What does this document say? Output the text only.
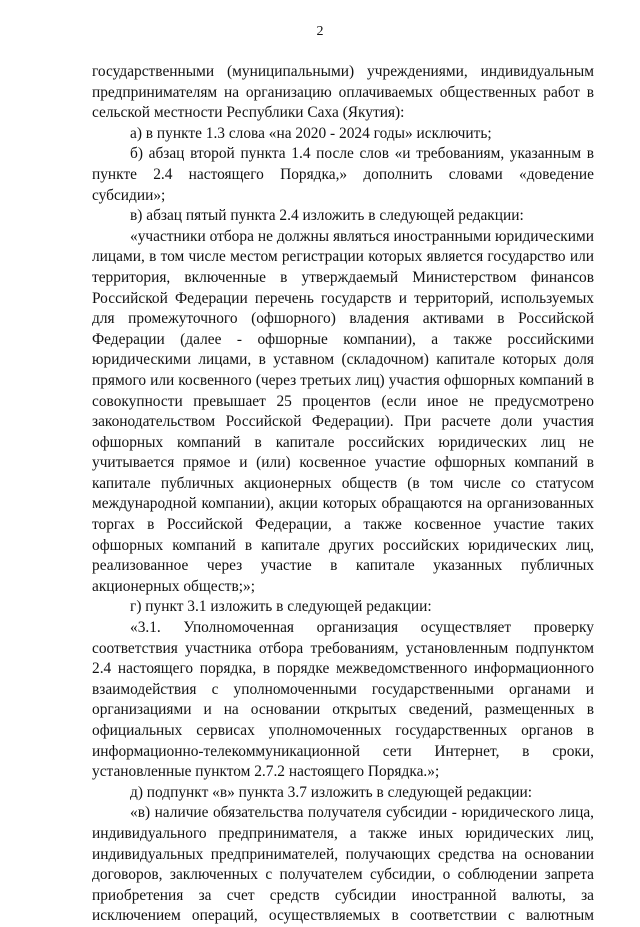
2

государственными (муниципальными) учреждениями, индивидуальным предпринимателям на организацию оплачиваемых общественных работ в сельской местности Республики Саха (Якутия):

а) в пункте 1.3 слова «на 2020 - 2024 годы» исключить;

б) абзац второй пункта 1.4 после слов «и требованиям, указанным в пункте 2.4 настоящего Порядка,» дополнить словами «доведение субсидии»;

в) абзац пятый пункта 2.4 изложить в следующей редакции:

«участники отбора не должны являться иностранными юридическими лицами, в том числе местом регистрации которых является государство или территория, включенные в утверждаемый Министерством финансов Российской Федерации перечень государств и территорий, используемых для промежуточного (офшорного) владения активами в Российской Федерации (далее - офшорные компании), а также российскими юридическими лицами, в уставном (складочном) капитале которых доля прямого или косвенного (через третьих лиц) участия офшорных компаний в совокупности превышает 25 процентов (если иное не предусмотрено законодательством Российской Федерации). При расчете доли участия офшорных компаний в капитале российских юридических лиц не учитывается прямое и (или) косвенное участие офшорных компаний в капитале публичных акционерных обществ (в том числе со статусом международной компании), акции которых обращаются на организованных торгах в Российской Федерации, а также косвенное участие таких офшорных компаний в капитале других российских юридических лиц, реализованное через участие в капитале указанных публичных акционерных обществ;»;

г) пункт 3.1 изложить в следующей редакции:

«3.1. Уполномоченная организация осуществляет проверку соответствия участника отбора требованиям, установленным подпунктом 2.4 настоящего порядка, в порядке межведомственного информационного взаимодействия с уполномоченными государственными органами и организациями и на основании открытых сведений, размещенных в официальных сервисах уполномоченных государственных органов в информационно-телекоммуникационной сети Интернет, в сроки, установленные пунктом 2.7.2 настоящего Порядка.»;

д) подпункт «в» пункта 3.7 изложить в следующей редакции:

«в) наличие обязательства получателя субсидии - юридического лица, индивидуального предпринимателя, а также иных юридических лиц, индивидуальных предпринимателей, получающих средства на основании договоров, заключенных с получателем субсидии, о соблюдении запрета приобретения за счет средств субсидии иностранной валюты, за исключением операций, осуществляемых в соответствии с валютным
